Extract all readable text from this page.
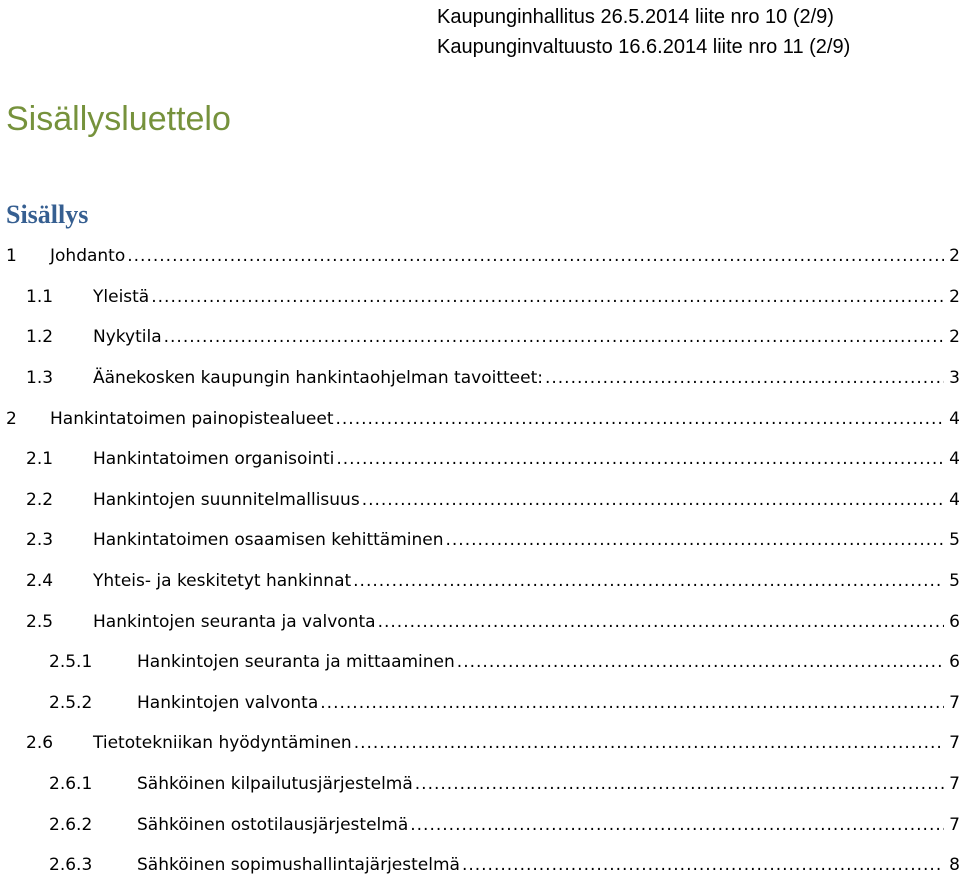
Kaupunginhallitus 26.5.2014 liite nro 10 (2/9)
Kaupunginvaltuusto 16.6.2014 liite nro 11 (2/9)
Sisällysluettelo
Sisällys
1	Johdanto .....	2
1.1	Yleistä .....	2
1.2	Nykytila .....	2
1.3	Äänekosken kaupungin hankintaohjelman tavoitteet: .....	3
2	Hankintatoimen painopistealueet .....	4
2.1	Hankintatoimen organisointi .....	4
2.2	Hankintojen suunnitelmallisuus .....	4
2.3	Hankintatoimen osaamisen kehittäminen .....	5
2.4	Yhteis- ja keskitetyt hankinnat .....	5
2.5	Hankintojen seuranta ja valvonta .....	6
2.5.1	Hankintojen seuranta ja mittaaminen .....	6
2.5.2	Hankintojen valvonta .....	7
2.6	Tietotekniikan hyödyntäminen .....	7
2.6.1	Sähköinen kilpailutusjärjestelmä .....	7
2.6.2	Sähköinen ostotilausjärjestelmä .....	7
2.6.3	Sähköinen sopimushallintajärjestelmä .....	8
